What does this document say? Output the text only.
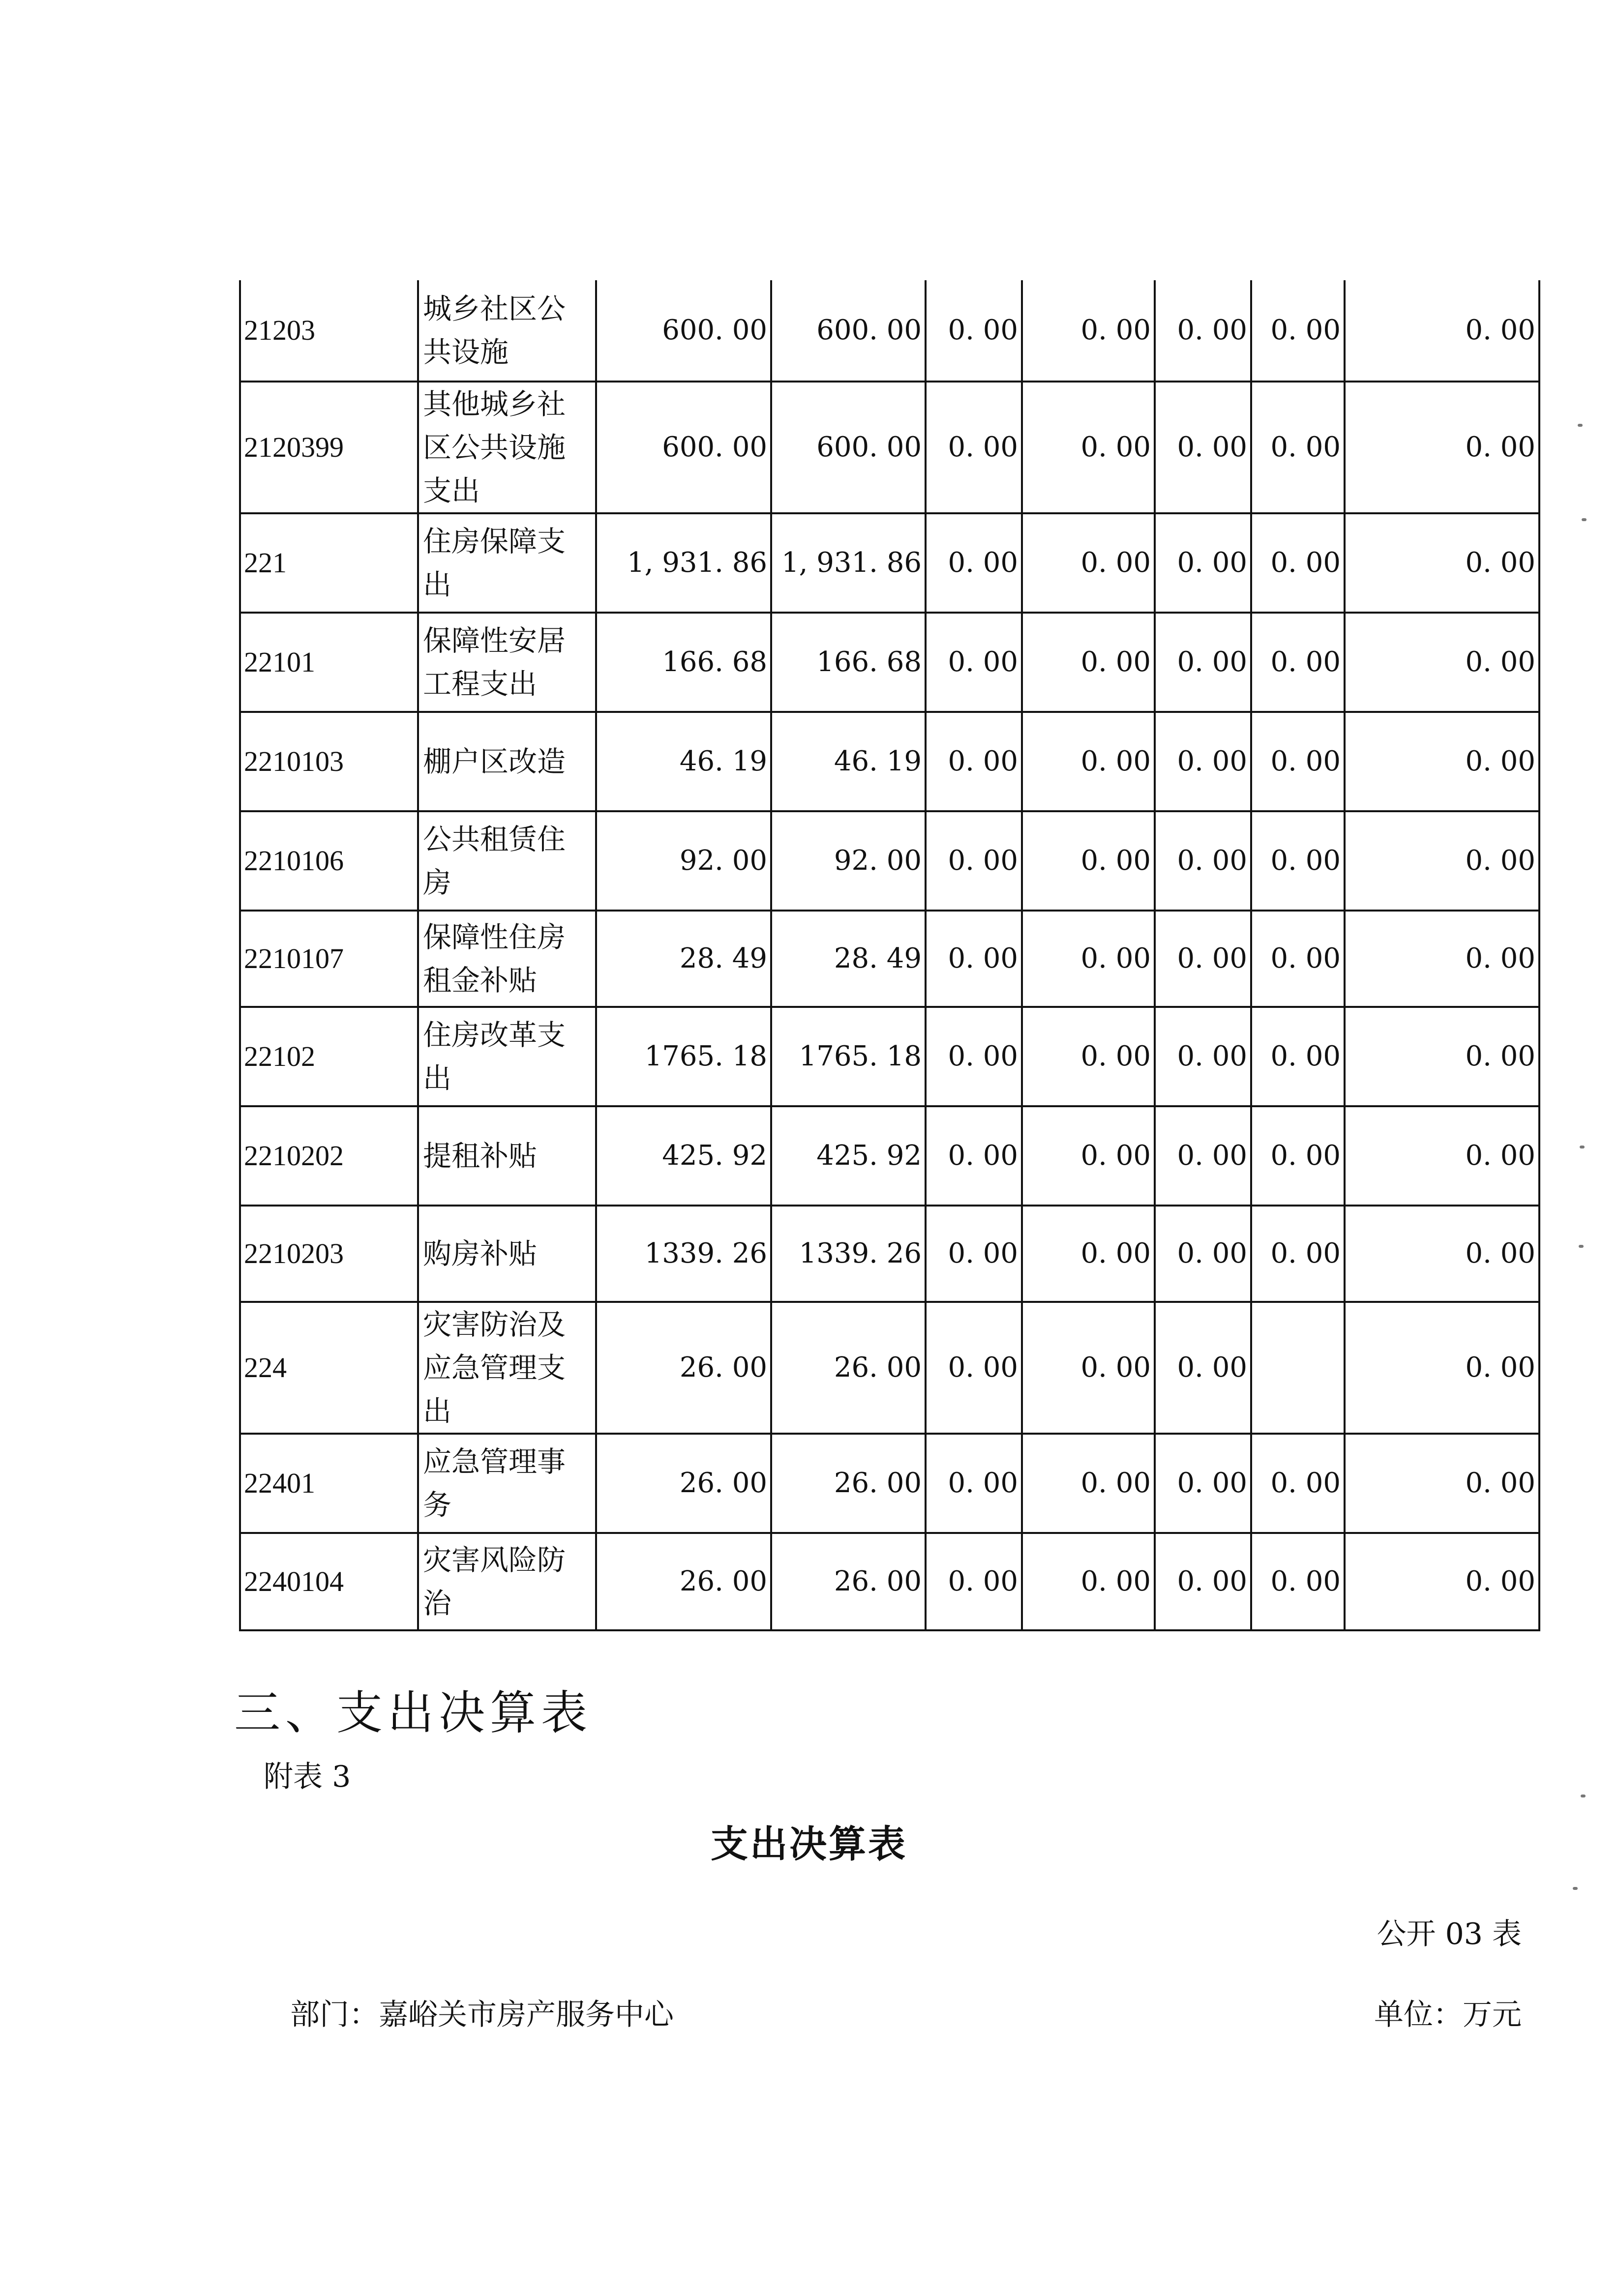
21203	城乡社区公共设施	600. 00	600. 00	0. 00	0. 00	0. 00	0. 00	0. 00
2120399	其他城乡社区公共设施支出	600. 00	600. 00	0. 00	0. 00	0. 00	0. 00	0. 00
221	住房保障支出	1, 931. 86	1, 931. 86	0. 00	0. 00	0. 00	0. 00	0. 00
22101	保障性安居工程支出	166. 68	166. 68	0. 00	0. 00	0. 00	0. 00	0. 00
2210103	棚户区改造	46. 19	46. 19	0. 00	0. 00	0. 00	0. 00	0. 00
2210106	公共租赁住房	92. 00	92. 00	0. 00	0. 00	0. 00	0. 00	0. 00
2210107	保障性住房租金补贴	28. 49	28. 49	0. 00	0. 00	0. 00	0. 00	0. 00
22102	住房改革支出	1765. 18	1765. 18	0. 00	0. 00	0. 00	0. 00	0. 00
2210202	提租补贴	425. 92	425. 92	0. 00	0. 00	0. 00	0. 00	0. 00
2210203	购房补贴	1339. 26	1339. 26	0. 00	0. 00	0. 00	0. 00	0. 00
224	灾害防治及应急管理支出	26. 00	26. 00	0. 00	0. 00	0. 00		0. 00
22401	应急管理事务	26. 00	26. 00	0. 00	0. 00	0. 00	0. 00	0. 00
2240104	灾害风险防治	26. 00	26. 00	0. 00	0. 00	0. 00	0. 00	0. 00
三、支出决算表
附表 3
支出决算表
公开 03 表
部门：嘉峪关市房产服务中心	单位：万元
